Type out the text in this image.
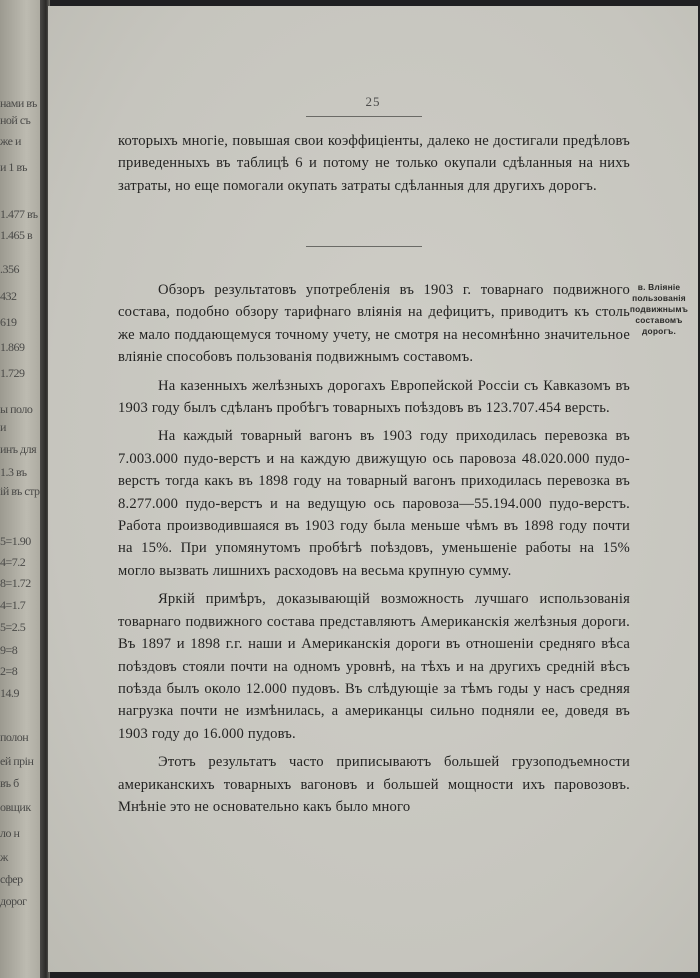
нами въ
ной съ
же и
и 1 въ
1.477 въ
1.465 в
.356
432
619
1.869
1.729
ы поло
и
инъ для
1.3 въ
ій въ стр
5=1.90
4=7.2
8=1.72
4=1.7
5=2.5
9=8
2=8
14.9
полон
ей прін
въ б
овщик
ло н
ж
сфер
дорог
25

которыхъ многіе, повышая свои коэффиціенты, далеко не достигали предѣловъ приведенныхъ въ таблицѣ 6 и потому не только окупали сдѣланныя на нихъ затраты, но еще помогали окупать затраты сдѣланныя для другихъ дорогъ.

в. Вліяніе пользованія подвижнымъ составомъ дорогъ.

Обзоръ результатовъ употребленія въ 1903 г. товарнаго подвижного состава, подобно обзору тарифнаго вліянія на дефицитъ, приводитъ къ столь же мало поддающемуся точному учету, не смотря на несомнѣнно значительное вліяніе способовъ пользованія подвижнымъ составомъ.

На казенныхъ желѣзныхъ дорогахъ Европейской Россіи съ Кавказомъ въ 1903 году былъ сдѣланъ пробѣгъ товарныхъ поѣздовъ въ 123.707.454 версть.

На каждый товарный вагонъ въ 1903 году приходилась перевозка въ 7.003.000 пудо-верстъ и на каждую движущую ось паровоза 48.020.000 пудо-верстъ тогда какъ въ 1898 году на товарный вагонъ приходилась перевозка въ 8.277.000 пудо-верстъ и на ведущую ось паровоза—55.194.000 пудо-верстъ. Работа производившаяся въ 1903 году была меньше чѣмъ въ 1898 году почти на 15%. При упомянутомъ пробѣгѣ поѣздовъ, уменьшеніе работы на 15% могло вызвать лишнихъ расходовъ на весьма крупную сумму.

Яркій примѣръ, доказывающій возможность лучшаго использованія товарнаго подвижного состава представляютъ Американскія желѣзныя дороги. Въ 1897 и 1898 г.г. наши и Американскія дороги въ отношеніи средняго вѣса поѣздовъ стояли почти на одномъ уровнѣ, на тѣхъ и на другихъ средній вѣсъ поѣзда былъ около 12.000 пудовъ. Въ слѣдующіе за тѣмъ годы у насъ средняя нагрузка почти не измѣнилась, а американцы сильно подняли ее, доведя въ 1903 году до 16.000 пудовъ.

Этотъ результатъ часто приписываютъ большей грузоподъемности американскихъ товарныхъ вагоновъ и большей мощности ихъ паровозовъ. Мнѣніе это не основательно какъ было много
